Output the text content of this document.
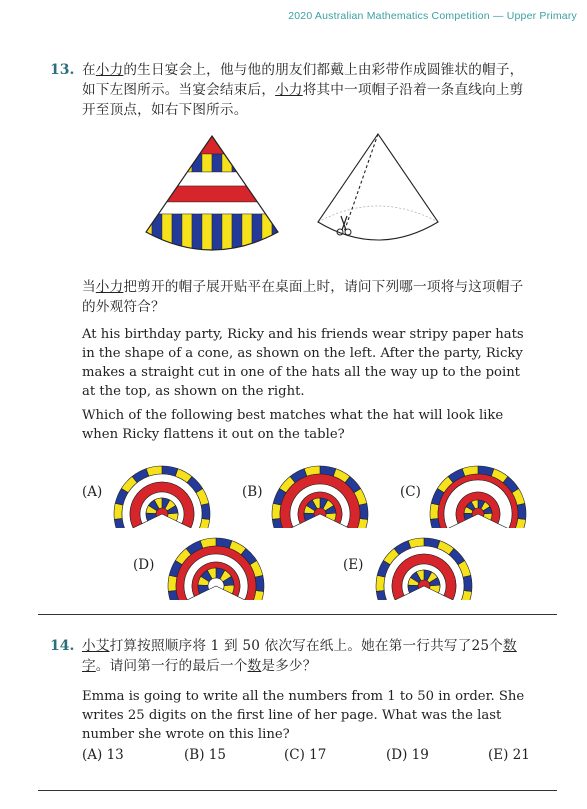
2020 Australian Mathematics Competition — Upper Primary
13. 在小力的生日宴会上，他与他的朋友们都戴上由彩带作成圆锥状的帽子，如下左图所示。当宴会结束后，小力将其中一项帽子沿着一条直线向上剪开至顶点，如右下图所示。

当小力把剪开的帽子展开贴平在桌面上时，请问下列哪一项将与这项帽子的外观符合？

At his birthday party, Ricky and his friends wear stripy paper hats in the shape of a cone, as shown on the left. After the party, Ricky makes a straight cut in one of the hats all the way up to the point at the top, as shown on the right.

Which of the following best matches what the hat will look like when Ricky flattens it out on the table?

(A)	(B)	(C)
(D)	(E)
14. 小艾打算按照顺序将 1 到 50 依次写在纸上。她在第一行共写了25个数字。请问第一行的最后一个数是多少？

Emma is going to write all the numbers from 1 to 50 in order. She writes 25 digits on the first line of her page. What was the last number she wrote on this line?

(A) 13	(B) 15	(C) 17	(D) 19	(E) 21
